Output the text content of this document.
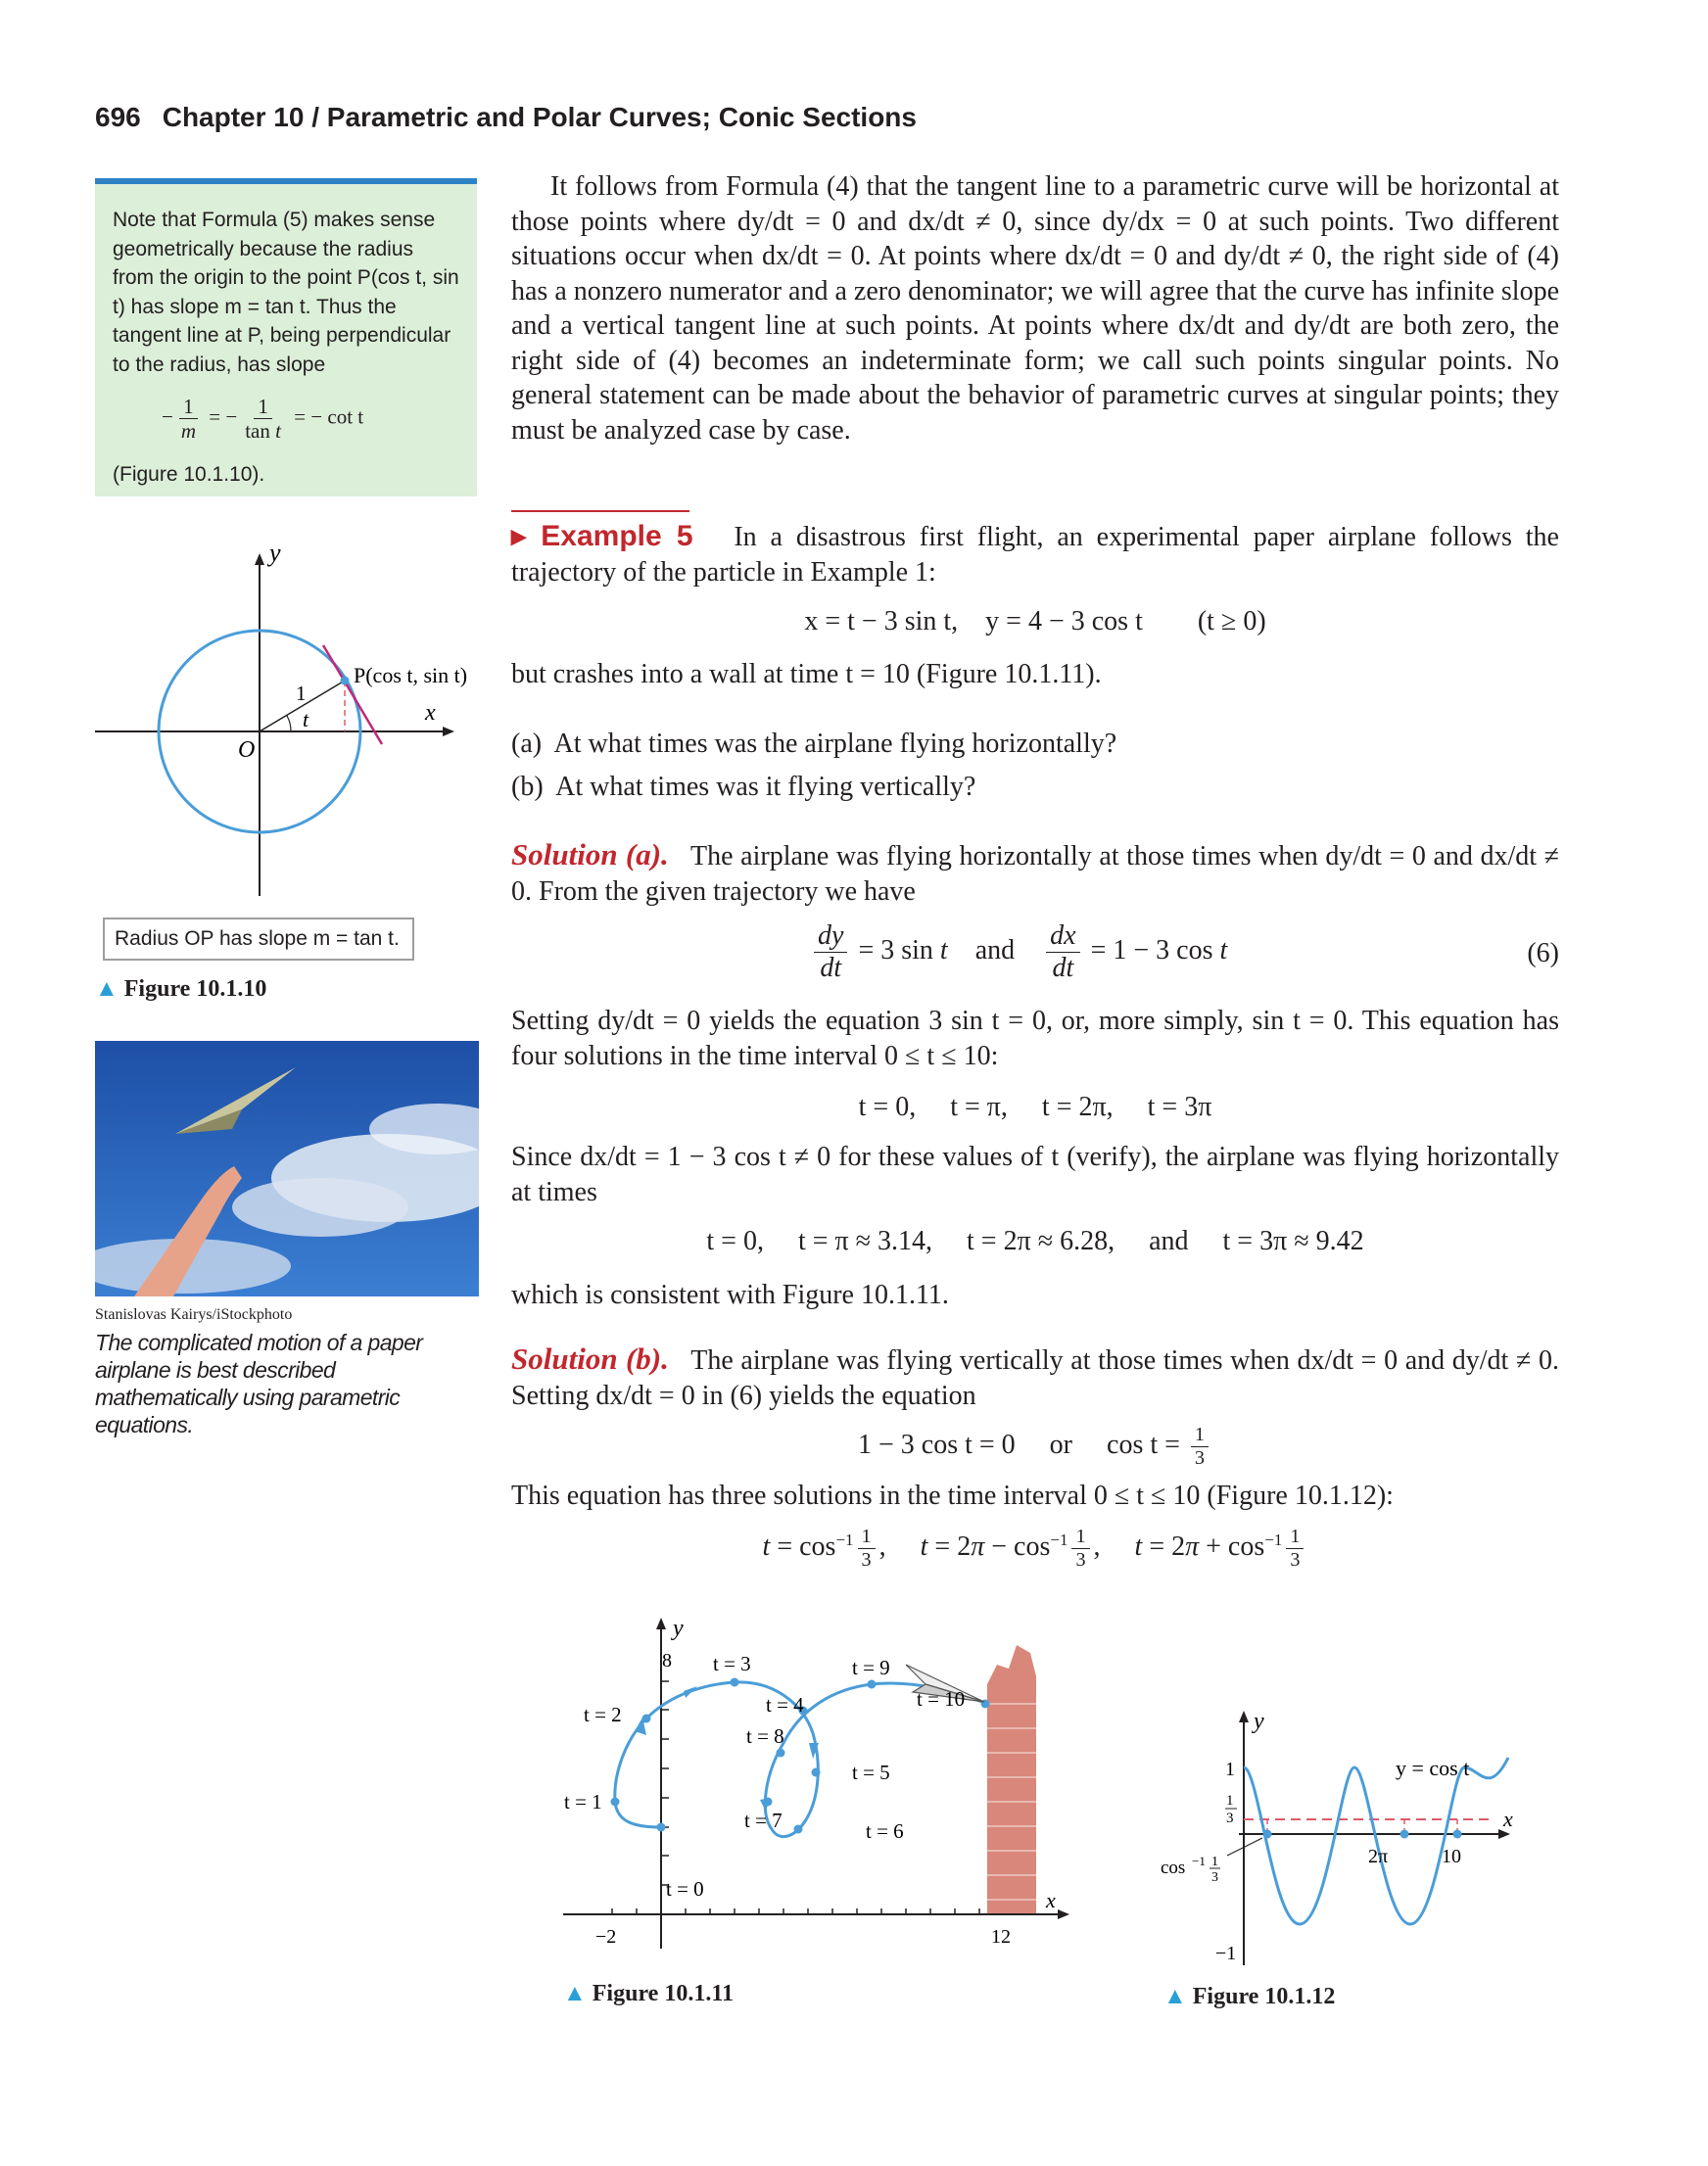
696 Chapter 10 / Parametric and Polar Curves; Conic Sections

Note that Formula (5) makes sense geometrically because the radius from the origin to the point P(cos t, sin t) has slope m = tan t. Thus the tangent line at P, being perpendicular to the radius, has slope

− $\frac{1}{m}$ = − $\frac{1}{\text{tan t}}$ = − cot t
(Figure 10.1.10).
y
x
O
1
t
P(cos t, sin t)
Radius OP has slope m = tan t.
▲ Figure 10.1.10
Stanislovas Kairys/iStockphoto
The complicated motion of a paper airplane is best described mathematically using parametric equations.
It follows from Formula (4) that the tangent line to a parametric curve will be horizontal at those points where dy/dt = 0 and dx/dt ≠ 0, since dy/dx = 0 at such points. Two different situations occur when dx/dt = 0. At points where dx/dt = 0 and dy/dt ≠ 0, the right side of (4) has a nonzero numerator and a zero denominator; we will agree that the curve has infinite slope and a vertical tangent line at such points. At points where dx/dt and dy/dt are both zero, the right side of (4) becomes an indeterminate form; we call such points singular points. No general statement can be made about the behavior of parametric curves at singular points; they must be analyzed case by case.
▸ Example 5 In a disastrous first flight, an experimental paper airplane follows the trajectory of the particle in Example 1:
x = t − 3 sin t,    y = 4 − 3 cos t        (t ≥ 0)
but crashes into a wall at time t = 10 (Figure 10.1.11).
(a)  At what times was the airplane flying horizontally?
(b)  At what times was it flying vertically?
Solution (a). The airplane was flying horizontally at those times when dy/dt = 0 and dx/dt ≠ 0. From the given trajectory we have
$\frac{dy}{dt} = 3$ sin t    and $\frac{dx}{dt} = 1 - 3$ cos t	(6)
Setting dy/dt = 0 yields the equation 3 sin t = 0, or, more simply, sin t = 0. This equation has four solutions in the time interval 0 ≤ t ≤ 10:
t = 0,     t = π,     t = 2π,     t = 3π
Since dx/dt = 1 − 3 cos t ≠ 0 for these values of t (verify), the airplane was flying horizontally at times
t = 0,     t = π ≈ 3.14,     t = 2π ≈ 6.28,     and     t = 3π ≈ 9.42
which is consistent with Figure 10.1.11.
Solution (b). The airplane was flying vertically at those times when dx/dt = 0 and dy/dt ≠ 0. Setting dx/dt = 0 in (6) yields the equation
1 − 3 cos t = 0     or     $\cos t = \frac{1}{3}$
This equation has three solutions in the time interval 0 ≤ t ≤ 10 (Figure 10.1.12):
$t = \cos^{-1} \frac{1}{3}$ ,     $t = 2\pi - \cos^{-1} \frac{1}{3}$ ,     $t = 2\pi + \cos^{-1} \frac{1}{3}$
8
−2	12
x
y
t = 0
t = 1
t = 2
t = 3
t = 4
t = 5
t = 6
t = 7
t = 8
t = 9
t = 10
▲ Figure 10.1.11
1
−1
2π	10
1
3
cos −1 1
3
x
y
y = cos t
▲ Figure 10.1.12
